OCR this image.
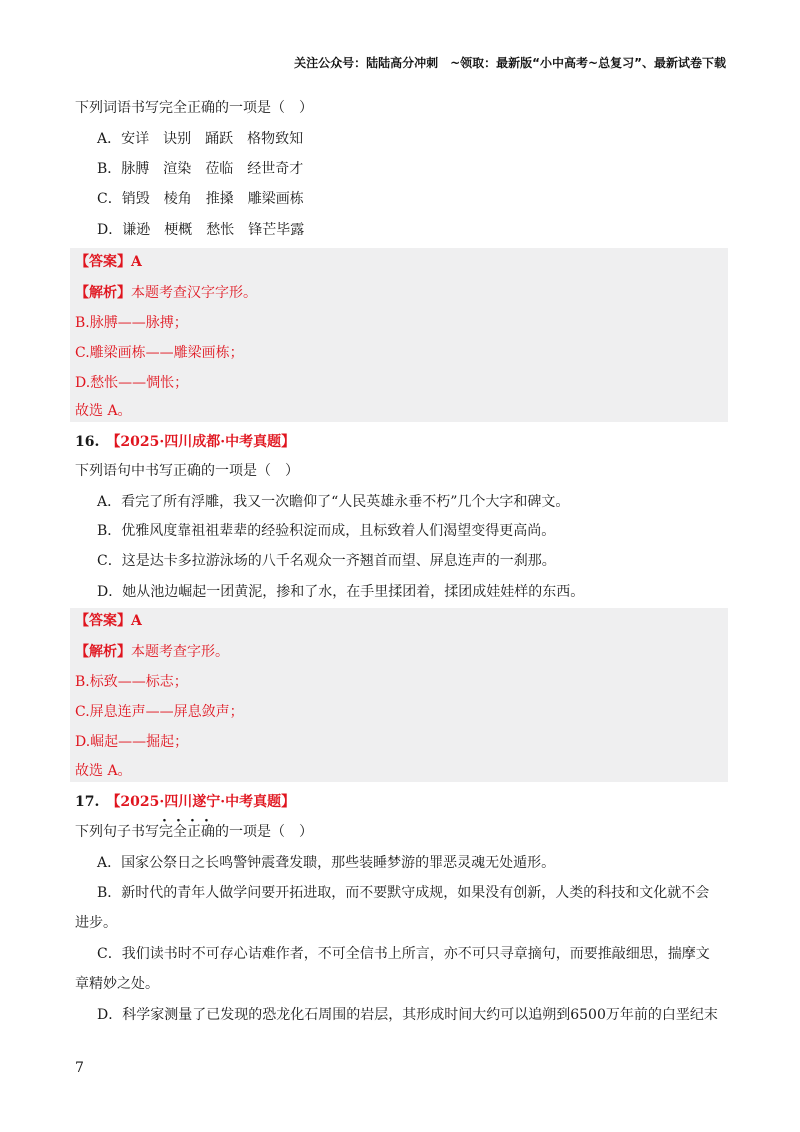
关注公众号：陆陆高分冲刺　~领取：最新版“小中高考~总复习”、最新试卷下载
下列词语书写完全正确的一项是（　）
A．安详 诀别 踊跃 格物致知
B．脉膊 渲染 莅临 经世奇才
C．销毁 棱角 推搡 雕梁画栋
D．谦逊 梗概 愁怅 锋芒毕露
【答案】A
【解析】本题考查汉字字形。
B.脉膊——脉搏；
C.雕梁画栋——雕梁画栋；
D.愁怅——惆怅；
故选 A。
16.　 【2025·四川成都·中考真题】
下列语句中书写正确的一项是（　）
A．看完了所有浮雕，我又一次瞻仰了“人民英雄永垂不朽”几个大字和碑文。
B．优雅风度靠祖祖辈辈的经验积淀而成，且标致着人们渴望变得更高尚。
C．这是达卡多拉游泳场的八千名观众一齐翘首而望、屏息连声的一刹那。
D．她从池边崛起一团黄泥，掺和了水，在手里揉团着，揉团成娃娃样的东西。
【答案】A
【解析】本题考查字形。
B.标致——标志；
C.屏息连声——屏息敛声；
D.崛起——掘起；
故选 A。
17.　 【2025·四川遂宁·中考真题】
下列句子书写完全正确的一项是（　）
A．国家公祭日之长鸣警钟震聋发聩，那些装睡梦游的罪恶灵魂无处遁形。
B．新时代的青年人做学问要开拓进取，而不要默守成规，如果没有创新，人类的科技和文化就不会
进步。
C．我们读书时不可存心诘难作者，不可全信书上所言，亦不可只寻章摘句，而要推敲细思，揣摩文
章精妙之处。
D．科学家测量了已发现的恐龙化石周围的岩层，其形成时间大约可以追朔到6500万年前的白垩纪末
7
